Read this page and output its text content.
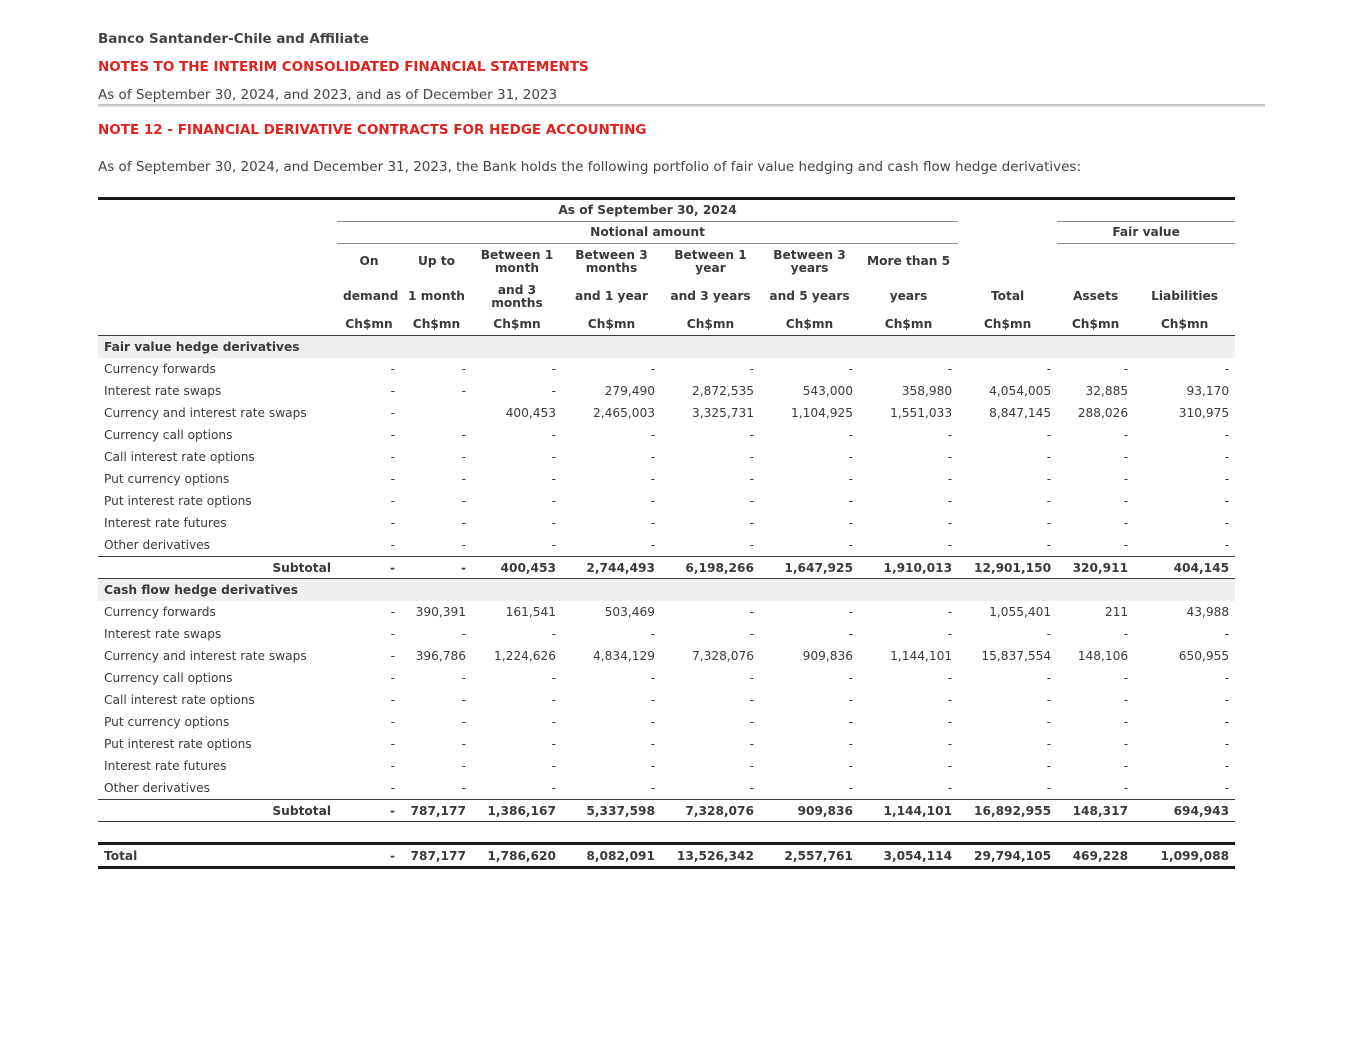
Banco Santander-Chile and Affiliate
NOTES TO THE INTERIM CONSOLIDATED FINANCIAL STATEMENTS
As of September 30, 2024, and 2023, and as of December 31, 2023
NOTE 12 - FINANCIAL DERIVATIVE CONTRACTS FOR HEDGE ACCOUNTING
As of September 30, 2024, and December 31, 2023, the Bank holds the following portfolio of fair value hedging and cash flow hedge derivatives:
	As of September 30, 2024									
	Notional amount								Fair value	
	On	Up to	Between 1 month	Between 3 months	Between 1 year	Between 3 years	More than 5			
	demand	1 month	and 3 months	and 1 year	and 3 years	and 5 years	years	Total	Assets	Liabilities
	Ch$mn	Ch$mn	Ch$mn	Ch$mn	Ch$mn	Ch$mn	Ch$mn	Ch$mn	Ch$mn	Ch$mn
Fair value hedge derivatives										
Currency forwards	-	-	-	-	-	-	-	-	-	-
Interest rate swaps	-	-	-	279,490	2,872,535	543,000	358,980	4,054,005	32,885	93,170
Currency and interest rate swaps	-		400,453	2,465,003	3,325,731	1,104,925	1,551,033	8,847,145	288,026	310,975
Currency call options	-	-	-	-	-	-	-	-	-	-
Call interest rate options	-	-	-	-	-	-	-	-	-	-
Put currency options	-	-	-	-	-	-	-	-	-	-
Put interest rate options	-	-	-	-	-	-	-	-	-	-
Interest rate futures	-	-	-	-	-	-	-	-	-	-
Other derivatives	-	-	-	-	-	-	-	-	-	-
Subtotal	-	-	400,453	2,744,493	6,198,266	1,647,925	1,910,013	12,901,150	320,911	404,145
Cash flow hedge derivatives										
Currency forwards	-	390,391	161,541	503,469	-	-	-	1,055,401	211	43,988
Interest rate swaps	-	-	-	-	-	-	-	-	-	-
Currency and interest rate swaps	-	396,786	1,224,626	4,834,129	7,328,076	909,836	1,144,101	15,837,554	148,106	650,955
Currency call options	-	-	-	-	-	-	-	-	-	-
Call interest rate options	-	-	-	-	-	-	-	-	-	-
Put currency options	-	-	-	-	-	-	-	-	-	-
Put interest rate options	-	-	-	-	-	-	-	-	-	-
Interest rate futures	-	-	-	-	-	-	-	-	-	-
Other derivatives	-	-	-	-	-	-	-	-	-	-
Subtotal	-	787,177	1,386,167	5,337,598	7,328,076	909,836	1,144,101	16,892,955	148,317	694,943

Total	-	787,177	1,786,620	8,082,091	13,526,342	2,557,761	3,054,114	29,794,105	469,228	1,099,088
